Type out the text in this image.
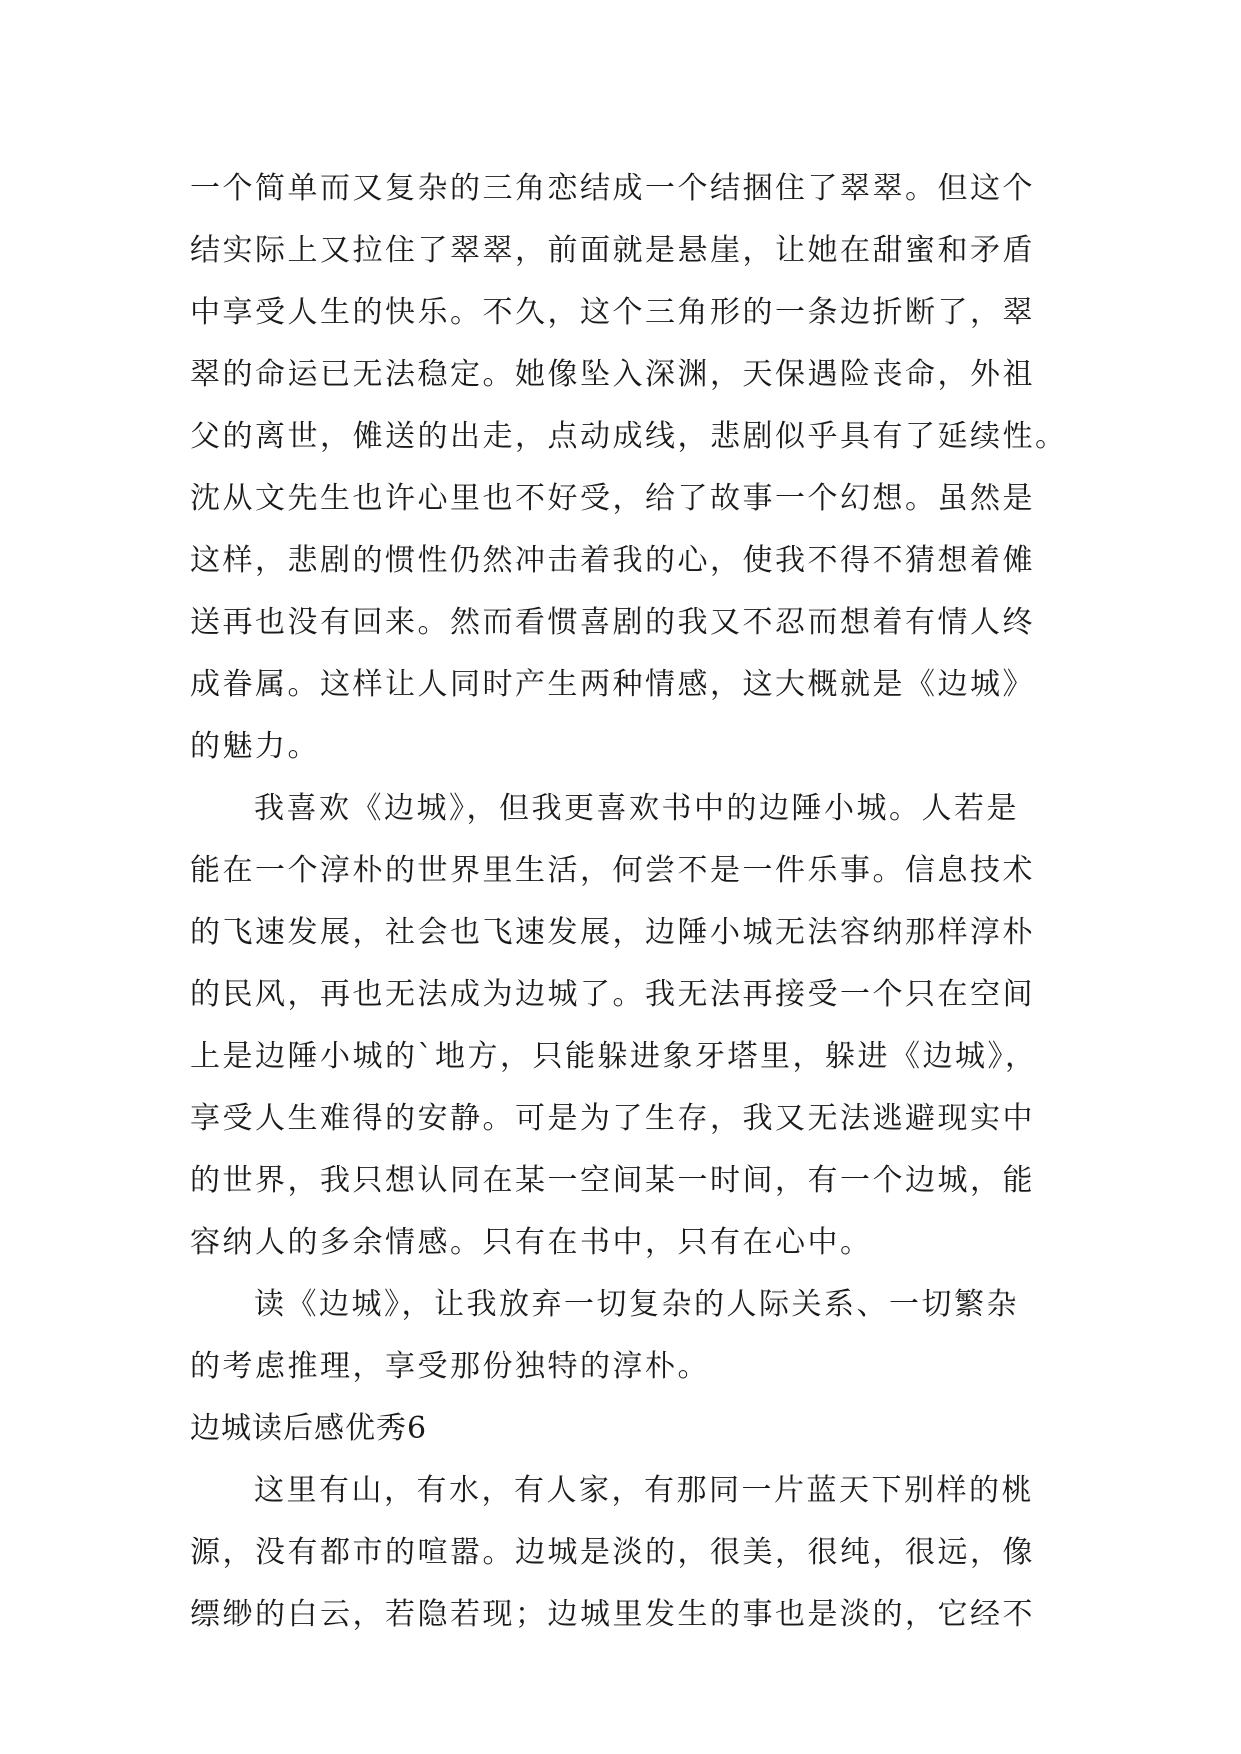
一个简单而又复杂的三角恋结成一个结捆住了翠翠。但这个
结实际上又拉住了翠翠，前面就是悬崖，让她在甜蜜和矛盾
中享受人生的快乐。不久，这个三角形的一条边折断了，翠
翠的命运已无法稳定。她像坠入深渊，天保遇险丧命，外祖
父的离世，傩送的出走，点动成线，悲剧似乎具有了延续性。
沈从文先生也许心里也不好受，给了故事一个幻想。虽然是
这样，悲剧的惯性仍然冲击着我的心，使我不得不猜想着傩
送再也没有回来。然而看惯喜剧的我又不忍而想着有情人终
成眷属。这样让人同时产生两种情感，这大概就是《边城》
的魅力。
我喜欢《边城》，但我更喜欢书中的边陲小城。人若是
能在一个淳朴的世界里生活，何尝不是一件乐事。信息技术
的飞速发展，社会也飞速发展，边陲小城无法容纳那样淳朴
的民风，再也无法成为边城了。我无法再接受一个只在空间
上是边陲小城的`地方，只能躲进象牙塔里，躲进《边城》，
享受人生难得的安静。可是为了生存，我又无法逃避现实中
的世界，我只想认同在某一空间某一时间，有一个边城，能
容纳人的多余情感。只有在书中，只有在心中。
读《边城》，让我放弃一切复杂的人际关系、一切繁杂
的考虑推理，享受那份独特的淳朴。
边城读后感优秀6
这里有山，有水，有人家，有那同一片蓝天下别样的桃
源，没有都市的喧嚣。边城是淡的，很美，很纯，很远，像
缥缈的白云，若隐若现；边城里发生的事也是淡的，它经不
